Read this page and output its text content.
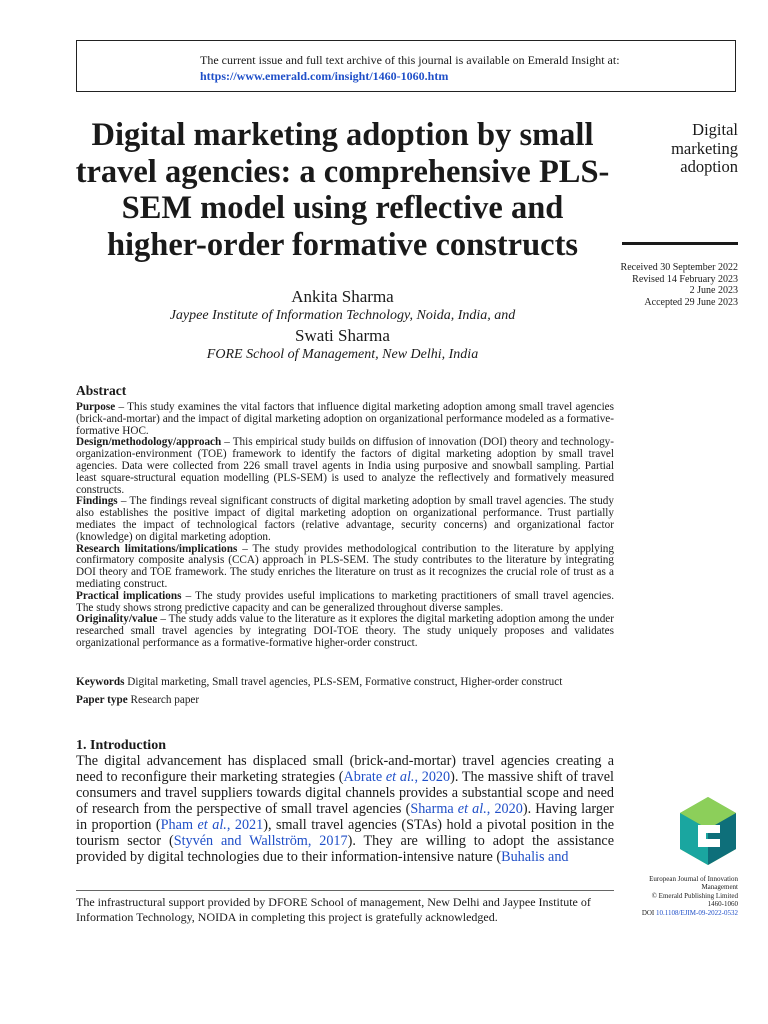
The current issue and full text archive of this journal is available on Emerald Insight at:
https://www.emerald.com/insight/1460-1060.htm
Digital marketing adoption by small travel agencies: a comprehensive PLS-SEM model using reflective and higher-order formative constructs
Digital
marketing
adoption
Received 30 September 2022
Revised 14 February 2023
2 June 2023
Accepted 29 June 2023
Ankita Sharma
Jaypee Institute of Information Technology, Noida, India, and
Swati Sharma
FORE School of Management, New Delhi, India
Abstract

Purpose – This study examines the vital factors that influence digital marketing adoption among small travel agencies (brick-and-mortar) and the impact of digital marketing adoption on organizational performance modeled as a formative-formative HOC.

Design/methodology/approach – This empirical study builds on diffusion of innovation (DOI) theory and technology-organization-environment (TOE) framework to identify the factors of digital marketing adoption by small travel agencies. Data were collected from 226 small travel agents in India using purposive and snowball sampling. Partial least square-structural equation modelling (PLS-SEM) is used to analyze the reflectively and formatively measured constructs.

Findings – The findings reveal significant constructs of digital marketing adoption by small travel agencies. The study also establishes the positive impact of digital marketing adoption on organizational performance. Trust partially mediates the impact of technological factors (relative advantage, security concerns) and organizational factor (knowledge) on digital marketing adoption.

Research limitations/implications – The study provides methodological contribution to the literature by applying confirmatory composite analysis (CCA) approach in PLS-SEM. The study contributes to the literature by integrating DOI theory and TOE framework. The study enriches the literature on trust as it recognizes the crucial role of trust as a mediating construct.

Practical implications – The study provides useful implications to marketing practitioners of small travel agencies. The study shows strong predictive capacity and can be generalized throughout diverse samples.

Originality/value – The study adds value to the literature as it explores the digital marketing adoption among the under researched small travel agencies by integrating DOI-TOE theory. The study uniquely proposes and validates organizational performance as a formative-formative higher-order construct.

Keywords Digital marketing, Small travel agencies, PLS-SEM, Formative construct, Higher-order construct
Paper type Research paper
1. Introduction
The digital advancement has displaced small (brick-and-mortar) travel agencies creating a need to reconfigure their marketing strategies (Abrate et al., 2020). The massive shift of travel consumers and travel suppliers towards digital channels provides a substantial scope and need of research from the perspective of small travel agencies (Sharma et al., 2020). Having larger in proportion (Pham et al., 2021), small travel agencies (STAs) hold a pivotal position in the tourism sector (Styvén and Wallström, 2017). They are willing to adopt the assistance provided by digital technologies due to their information-intensive nature (Buhalis and
The infrastructural support provided by DFORE School of management, New Delhi and Jaypee Institute of Information Technology, NOIDA in completing this project is gratefully acknowledged.
European Journal of Innovation Management
© Emerald Publishing Limited
1460-1060
DOI 10.1108/EJIM-09-2022-0532
